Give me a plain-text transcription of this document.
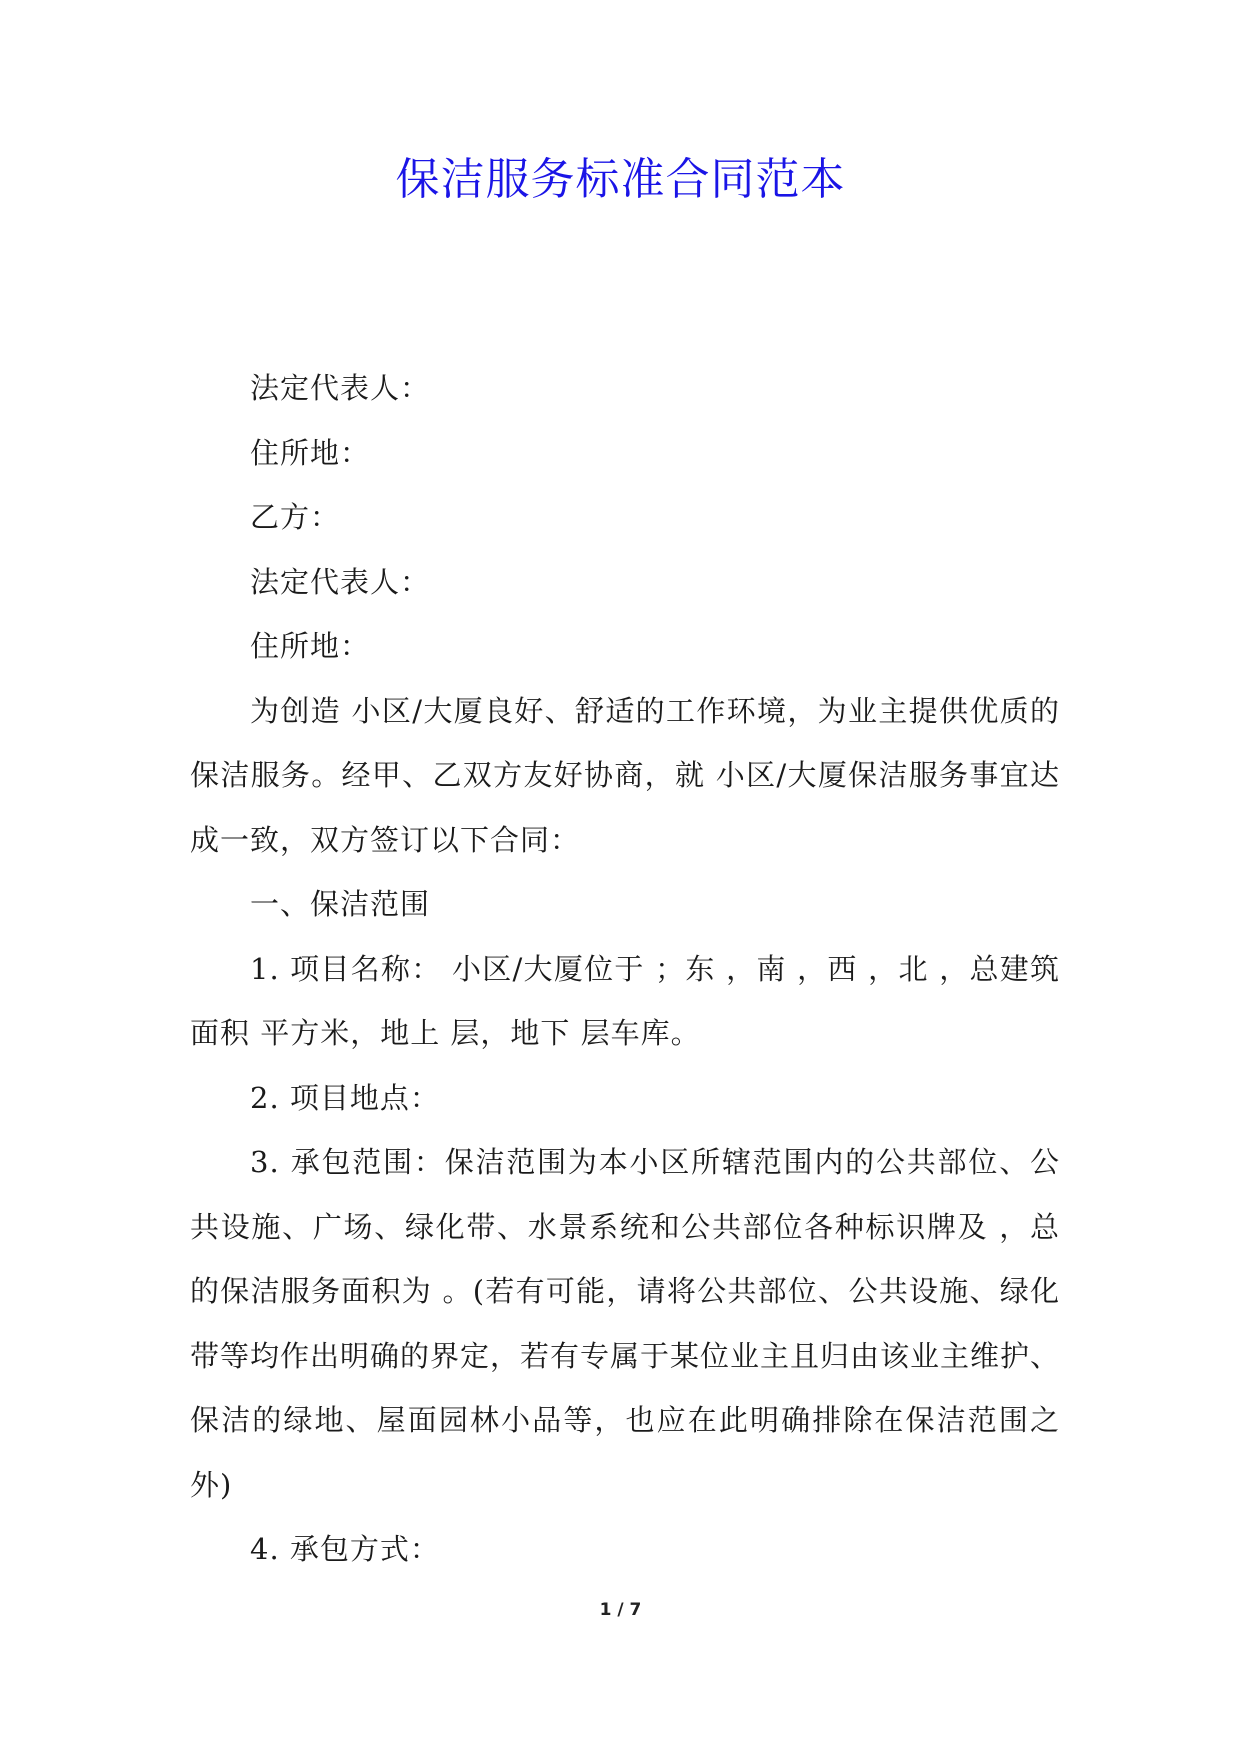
保洁服务标准合同范本

法定代表人：

住所地：

乙方：

法定代表人：

住所地：

为创造 小区/大厦良好、舒适的工作环境，为业主提供优质的保洁服务。经甲、乙双方友好协商，就 小区/大厦保洁服务事宜达成一致，双方签订以下合同：

一、保洁范围

1. 项目名称： 小区/大厦位于 ；东 ，南 ，西 ，北 ，总建筑面积 平方米，地上 层，地下 层车库。

2. 项目地点：

3. 承包范围：保洁范围为本小区所辖范围内的公共部位、公共设施、广场、绿化带、水景系统和公共部位各种标识牌及 ，总的保洁服务面积为 。(若有可能，请将公共部位、公共设施、绿化带等均作出明确的界定，若有专属于某位业主且归由该业主维护、保洁的绿地、屋面园林小品等，也应在此明确排除在保洁范围之外)

4. 承包方式：

1 / 7
